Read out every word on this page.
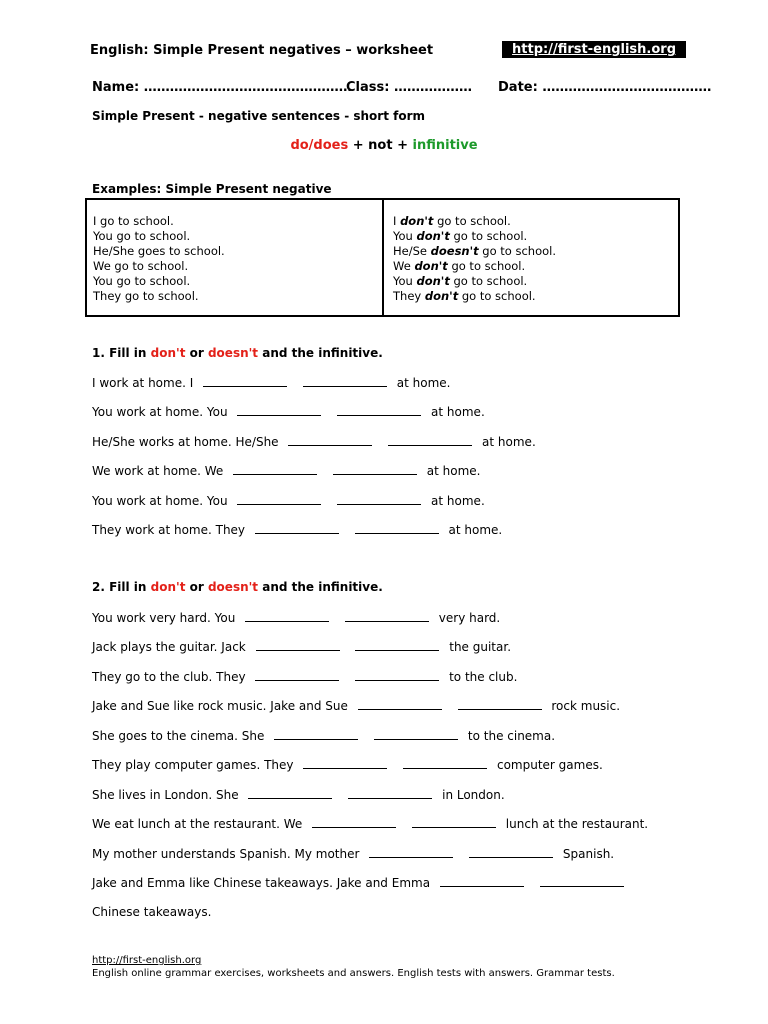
English: Simple Present negatives – worksheet	http://first-english.org
Name: …………………………………………
Class: ……………… Date: …………………………………
Simple Present - negative sentences - short form
do/does + not + infinitive
Examples: Simple Present negative
I go to school.
You go to school.
He/She goes to school.
We go to school.
You go to school.
They go to school.
I don't go to school.
You don't go to school.
He/Se doesn't go to school.
We don't go to school.
You don't go to school.
They don't go to school.
1. Fill in don't or doesn't and the infinitive.
I work at home. I	at home.
You work at home. You	at home.
He/She works at home. He/She	at home.
We work at home. We	at home.
You work at home. You	at home.
They work at home. They	at home.
2. Fill in don't or doesn't and the infinitive.
You work very hard. You	very hard.
Jack plays the guitar. Jack	the guitar.
They go to the club. They	to the club.
Jake and Sue like rock music. Jake and Sue	rock music.
She goes to the cinema. She	to the cinema.
They play computer games. They	computer games.
She lives in London. She	in London.
We eat lunch at the restaurant. We	lunch at the restaurant.
My mother understands Spanish. My mother	Spanish.
Jake and Emma like Chinese takeaways. Jake and Emma
Chinese takeaways.
http://first-english.org
English online grammar exercises, worksheets and answers. English tests with answers. Grammar tests.
